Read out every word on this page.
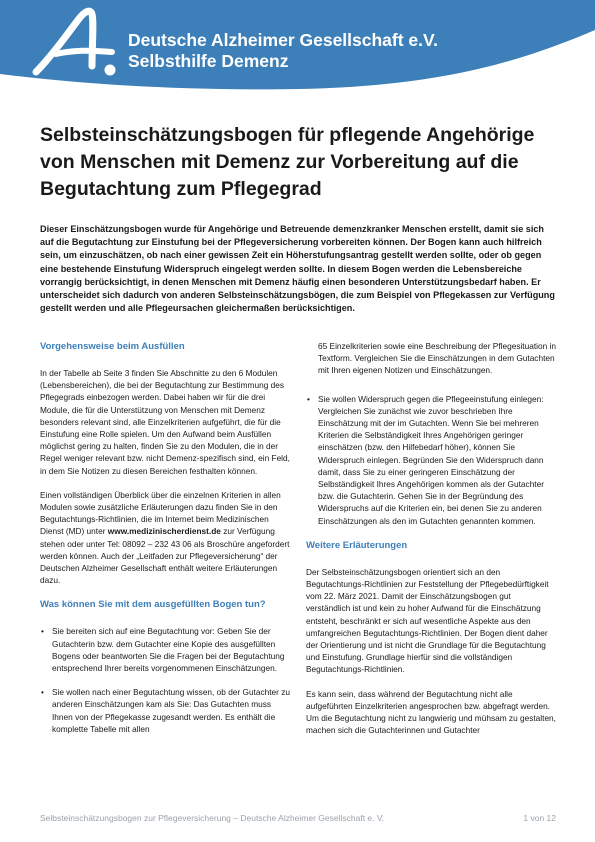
Deutsche Alzheimer Gesellschaft e.V.
Selbsthilfe Demenz
Selbsteinschätzungsbogen für pflegende Angehörige von Menschen mit Demenz zur Vorbereitung auf die Begutachtung zum Pflegegrad

Dieser Einschätzungsbogen wurde für Angehörige und Betreuende demenzkranker Menschen erstellt, damit sie sich auf die Begutachtung zur Einstufung bei der Pflegeversicherung vorbereiten können. Der Bogen kann auch hilfreich sein, um einzuschätzen, ob nach einer gewissen Zeit ein Höherstufungsantrag gestellt werden sollte, oder ob gegen eine bestehende Einstufung Widerspruch eingelegt werden sollte. In diesem Bogen werden die Lebensbereiche vorrangig berücksichtigt, in denen Menschen mit Demenz häufig einen besonderen Unterstützungsbedarf haben. Er unterscheidet sich dadurch von anderen Selbsteinschätzungsbögen, die zum Beispiel von Pflegekassen zur Verfügung gestellt werden und alle Pflegeursachen gleichermaßen berücksichtigen.

Vorgehensweise beim Ausfüllen

In der Tabelle ab Seite 3 finden Sie Abschnitte zu den 6 Modulen (Lebensbereichen), die bei der Begutachtung zur Bestimmung des Pflegegrads einbezogen werden. Dabei haben wir für die drei Module, die für die Unterstützung von Menschen mit Demenz besonders relevant sind, alle Einzelkriterien aufgeführt, die für die Einstufung eine Rolle spielen. Um den Aufwand beim Ausfüllen möglichst gering zu halten, finden Sie zu den Modulen, die in der Regel weniger relevant bzw. nicht Demenz-spezifisch sind, ein Feld, in dem Sie Notizen zu diesen Bereichen festhalten können.

Einen vollständigen Überblick über die einzelnen Kriterien in allen Modulen sowie zusätzliche Erläuterungen dazu finden Sie in den Begutachtungs-Richtlinien, die im Internet beim Medizinischen Dienst (MD) unter www.medizinischerdienst.de zur Verfügung stehen oder unter Tel: 08092 – 232 43 06 als Broschüre angefordert werden können. Auch der „Leitfaden zur Pflegeversicherung“ der Deutschen Alzheimer Gesellschaft enthält weitere Erläuterungen dazu.

Was können Sie mit dem ausgefüllten Bogen tun?
• Sie bereiten sich auf eine Begutachtung vor: Geben Sie der Gutachterin bzw. dem Gutachter eine Kopie des ausgefüllten Bogens oder beantworten Sie die Fragen bei der Begutachtung entsprechend Ihrer bereits vorgenommenen Einschätzungen.
• Sie wollen nach einer Begutachtung wissen, ob der Gutachter zu anderen Einschätzungen kam als Sie: Das Gutachten muss Ihnen von der Pflegekasse zugesandt werden. Es enthält die komplette Tabelle mit allen
65 Einzelkriterien sowie eine Beschreibung der Pflegesituation in Textform. Vergleichen Sie die Einschätzungen in dem Gutachten mit Ihren eigenen Notizen und Einschätzungen.
• Sie wollen Widerspruch gegen die Pflegeeinstufung einlegen: Vergleichen Sie zunächst wie zuvor beschrieben Ihre Einschätzung mit der im Gutachten. Wenn Sie bei mehreren Kriterien die Selbständigkeit Ihres Angehörigen geringer einschätzen (bzw. den Hilfebedarf höher), können Sie Widerspruch einlegen. Begründen Sie den Widerspruch dann damit, dass Sie zu einer geringeren Einschätzung der Selbständigkeit Ihres Angehörigen kommen als der Gutachter bzw. die Gutachterin. Gehen Sie in der Begründung des Widerspruchs auf die Kriterien ein, bei denen Sie zu anderen Einschätzungen als den im Gutachten genannten kommen.
Weitere Erläuterungen

Der Selbsteinschätzungsbogen orientiert sich an den Begutachtungs-Richtlinien zur Feststellung der Pflegebedürftigkeit vom 22. März 2021. Damit der Einschätzungsbogen gut verständlich ist und kein zu hoher Aufwand für die Einschätzung entsteht, beschränkt er sich auf wesentliche Aspekte aus den umfangreichen Begutachtungs-Richtlinien. Der Bogen dient daher der Orientierung und ist nicht die Grundlage für die Begutachtung und Einstufung. Grundlage hierfür sind die vollständigen Begutachtungs-Richtlinien.

Es kann sein, dass während der Begutachtung nicht alle aufgeführten Einzelkriterien angesprochen bzw. abgefragt werden. Um die Begutachtung nicht zu langwierig und mühsam zu gestalten, machen sich die Gutachterinnen und Gutachter

Selbsteinschätzungsbogen zur Pflegeversicherung – Deutsche Alzheimer Gesellschaft e. V.	1 von 12
